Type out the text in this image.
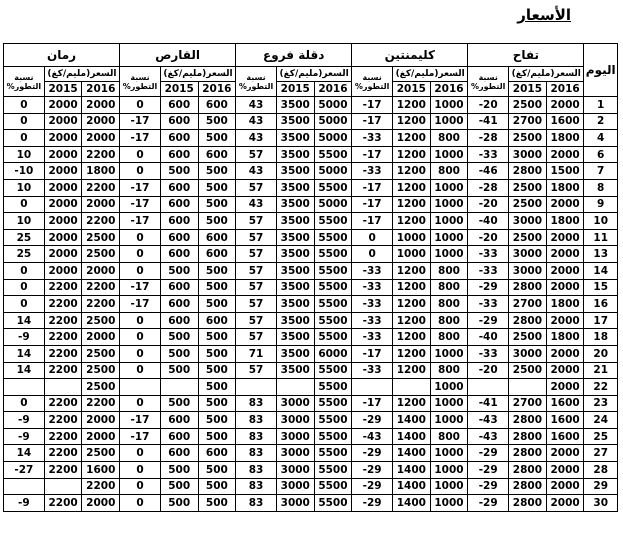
الأسعار
اليوم	تفاح			كليمنتين			دقلة فروع			القارص			رمان		
	السعر(مليم/كغ)		نسبة التطور%	السعر(مليم/كغ)		نسبة التطور%	السعر(مليم/كغ)		نسبة التطور%	السعر(مليم/كغ)		نسبة التطور%	السعر(مليم/كغ)		نسبة التطور%
	2016	2015		2016	2015		2016	2015		2016	2015		2016	2015	
1	2000	2500	-20	1000	1200	-17	5000	3500	43	600	600	0	2000	2000	0
2	1600	2700	-41	1000	1200	-17	5000	3500	43	500	600	-17	2000	2000	0
4	1800	2500	-28	800	1200	-33	5000	3500	43	500	600	-17	2000	2000	0
6	2000	3000	-33	1000	1200	-17	5500	3500	57	600	600	0	2200	2000	10
7	1500	2800	-46	800	1200	-33	5000	3500	43	500	500	0	1800	2000	-10
8	1800	2500	-28	1000	1200	-17	5500	3500	57	500	600	-17	2200	2000	10
9	2000	2500	-20	1000	1200	-17	5000	3500	43	500	600	-17	2000	2000	0
10	1800	3000	-40	1000	1200	-17	5500	3500	57	500	600	-17	2200	2000	10
11	2000	2500	-20	1000	1000	0	5500	3500	57	600	600	0	2500	2000	25
13	2000	3000	-33	1000	1000	0	5500	3500	57	600	600	0	2500	2000	25
14	2000	3000	-33	800	1200	-33	5500	3500	57	500	500	0	2000	2000	0
15	2000	2800	-29	800	1200	-33	5500	3500	57	500	600	-17	2200	2200	0
16	1800	2700	-33	800	1200	-33	5500	3500	57	500	600	-17	2200	2200	0
17	2000	2800	-29	800	1200	-33	5500	3500	57	600	600	0	2500	2200	14
18	1800	2500	-40	800	1200	-33	5500	3500	57	500	500	0	2000	2200	-9
20	2000	3000	-33	1000	1200	-17	6000	3500	71	500	500	0	2500	2200	14
21	2000	2500	-20	800	1200	-33	5500	3500	57	500	500	0	2500	2200	14
22	2000			1000			5500			500			2500		
23	1600	2700	-41	1000	1200	-17	5500	3000	83	500	500	0	2200	2200	0
24	1600	2800	-43	1000	1400	-29	5500	3000	83	500	600	-17	2000	2200	-9
25	1600	2800	-43	800	1400	-43	5500	3000	83	500	600	-17	2000	2200	-9
27	2000	2800	-29	1000	1400	-29	5500	3000	83	600	600	0	2500	2200	14
28	2000	2800	-29	1000	1400	-29	5500	3000	83	500	500	0	1600	2200	-27
29	2000	2800	-29	1000	1400	-29	5500	3000	83	500	500	0	2200		
30	2000	2800	-29	1000	1400	-29	5500	3000	83	500	500	0	2000	2200	-9
